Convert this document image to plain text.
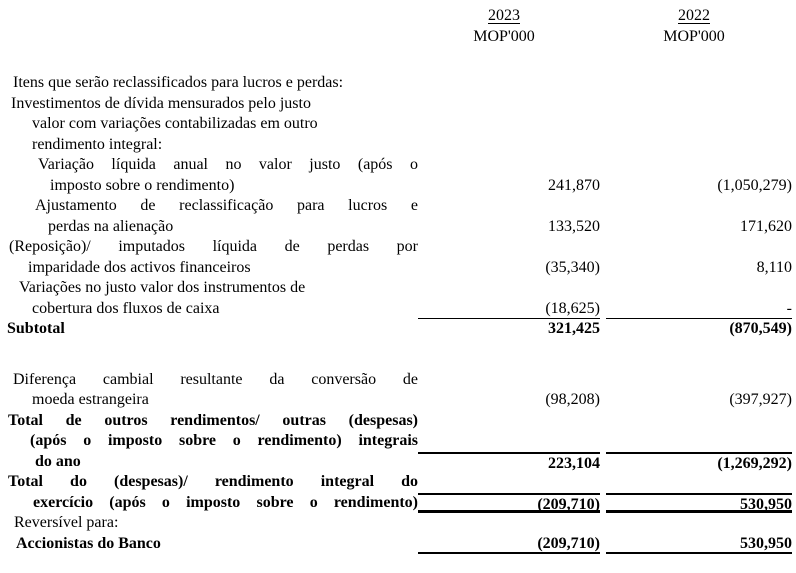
2023	2022
MOP'000	MOP'000
Itens que serão reclassificados para lucros e perdas:
Investimentos de dívida mensurados pelo justo
valor com variações contabilizadas em outro
rendimento integral:
Variação líquida anual no valor justo (após o
imposto sobre o rendimento)	241,870	(1,050,279)
Ajustamento de reclassificação para lucros e
perdas na alienação	133,520	171,620
(Reposição)/ imputados líquida de perdas por
imparidade dos activos financeiros	(35,340)	8,110
Variações no justo valor dos instrumentos de
cobertura dos fluxos de caixa	(18,625)	-
Subtotal	321,425	(870,549)
Diferença cambial resultante da conversão de
moeda estrangeira	(98,208)	(397,927)
Total de outros rendimentos/ outras (despesas)
(após o imposto sobre o rendimento) integrais
do ano	223,104	(1,269,292)
Total do (despesas)/ rendimento integral do
exercício (após o imposto sobre o rendimento)	(209,710)	530,950
Reversível para:
Accionistas do Banco	(209,710)	530,950
